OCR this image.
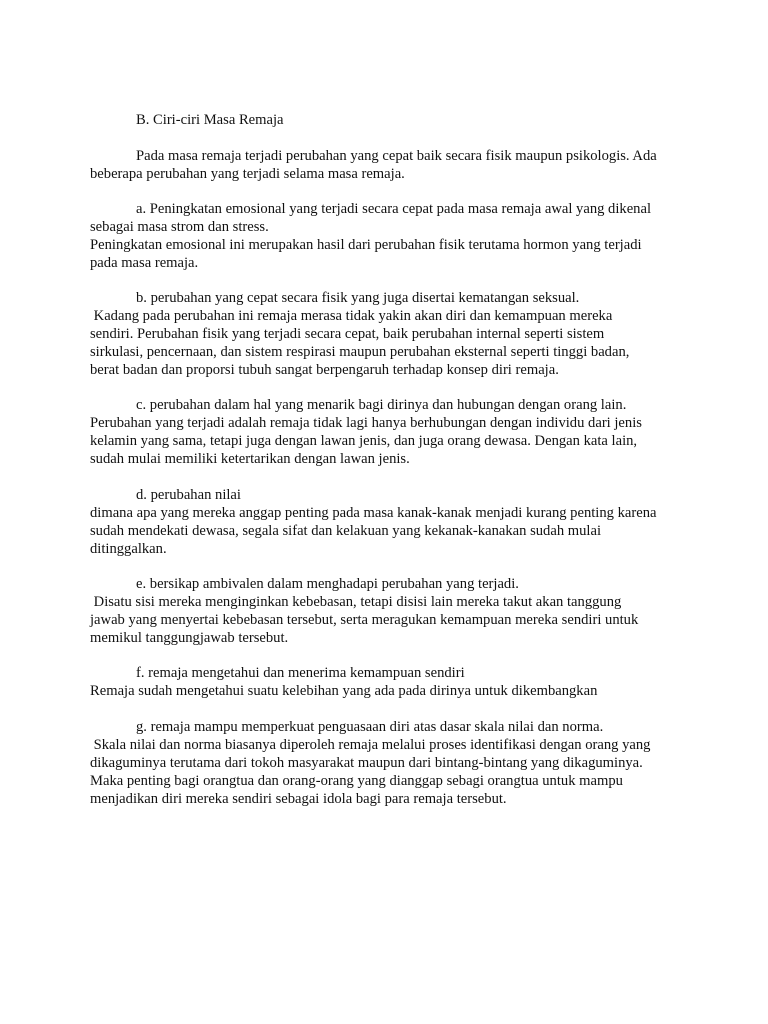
B. Ciri-ciri Masa Remaja
Pada masa remaja terjadi perubahan yang cepat baik secara fisik maupun psikologis. Ada
beberapa perubahan yang terjadi selama masa remaja.
a. Peningkatan emosional yang terjadi secara cepat pada masa remaja awal yang dikenal
sebagai masa strom dan stress.
Peningkatan emosional ini merupakan hasil dari perubahan fisik terutama hormon yang terjadi
pada masa remaja.
b. perubahan yang cepat secara fisik yang juga disertai kematangan seksual.
Kadang pada perubahan ini remaja merasa tidak yakin akan diri dan kemampuan mereka
sendiri. Perubahan fisik yang terjadi secara cepat, baik perubahan internal seperti sistem
sirkulasi, pencernaan, dan sistem respirasi maupun perubahan eksternal seperti tinggi badan,
berat badan dan proporsi tubuh sangat berpengaruh terhadap konsep diri remaja.
c. perubahan dalam hal yang menarik bagi dirinya dan hubungan dengan orang lain.
Perubahan yang terjadi adalah remaja tidak lagi hanya berhubungan dengan individu dari jenis
kelamin yang sama, tetapi juga dengan lawan jenis, dan juga orang dewasa. Dengan kata lain,
sudah mulai memiliki ketertarikan dengan lawan jenis.
d. perubahan nilai
dimana apa yang mereka anggap penting pada masa kanak-kanak menjadi kurang penting karena
sudah mendekati dewasa, segala sifat dan kelakuan yang kekanak-kanakan sudah mulai
ditinggalkan.
e. bersikap ambivalen dalam menghadapi perubahan yang terjadi.
Disatu sisi mereka menginginkan kebebasan, tetapi disisi lain mereka takut akan tanggung
jawab yang menyertai kebebasan tersebut, serta meragukan kemampuan mereka sendiri untuk
memikul tanggungjawab tersebut.
f. remaja mengetahui dan menerima kemampuan sendiri
Remaja sudah mengetahui suatu kelebihan yang ada pada dirinya untuk dikembangkan
g. remaja mampu memperkuat penguasaan diri atas dasar skala nilai dan norma.
Skala nilai dan norma biasanya diperoleh remaja melalui proses identifikasi dengan orang yang
dikaguminya terutama dari tokoh masyarakat maupun dari bintang-bintang yang dikaguminya.
Maka penting bagi orangtua dan orang-orang yang dianggap sebagi orangtua untuk mampu
menjadikan diri mereka sendiri sebagai idola bagi para remaja tersebut.
